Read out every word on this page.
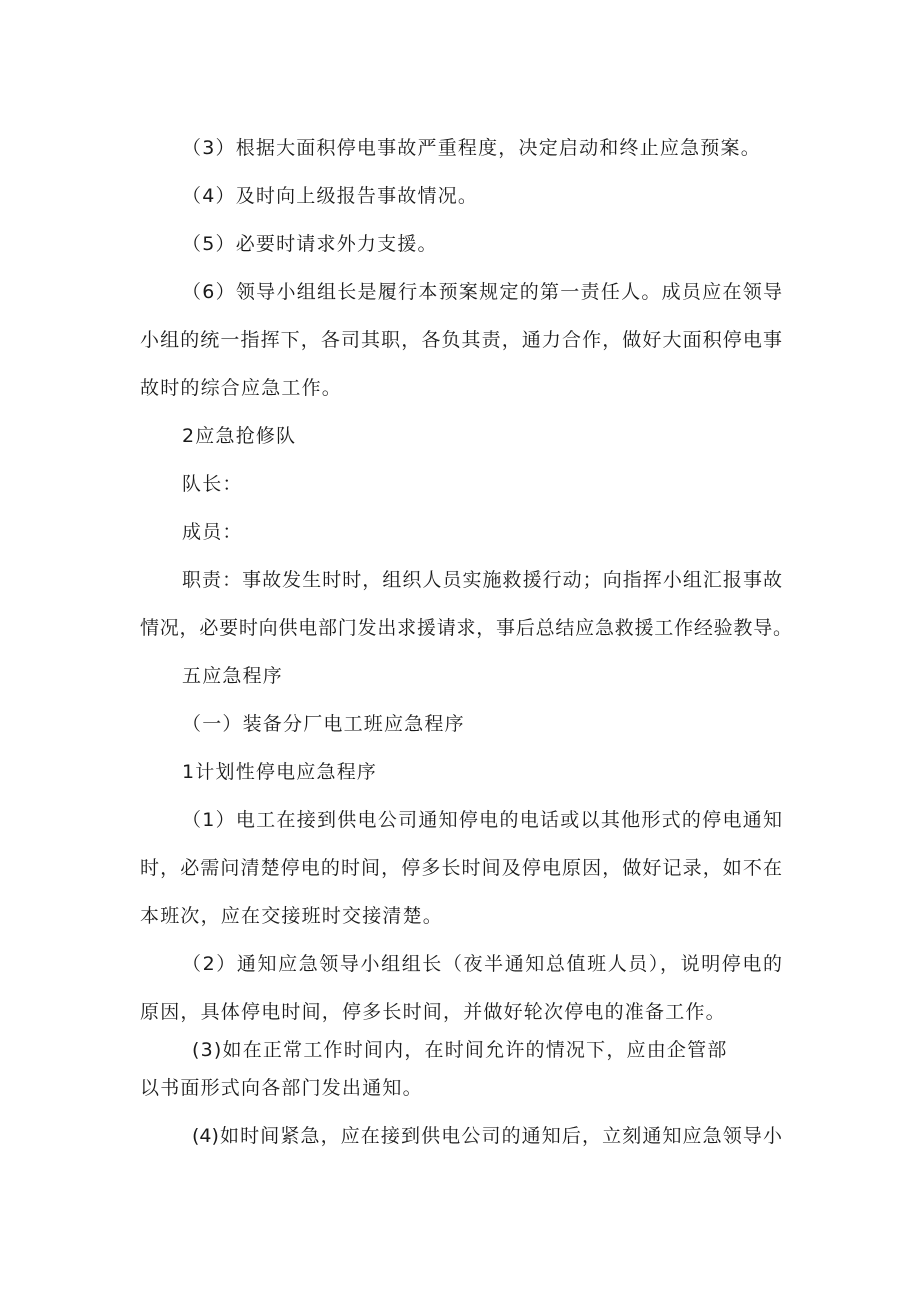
（3）根据大面积停电事故严重程度，决定启动和终止应急预案。

（4）及时向上级报告事故情况。

（5）必要时请求外力支援。

（6）领导小组组长是履行本预案规定的第一责任人。成员应在领导

小组的统一指挥下，各司其职，各负其责，通力合作，做好大面积停电事

故时的综合应急工作。

2应急抢修队

队长：

成员：

职责：事故发生时时，组织人员实施救援行动；向指挥小组汇报事故

情况，必要时向供电部门发出求援请求，事后总结应急救援工作经验教导。

五应急程序

（一）装备分厂电工班应急程序

1计划性停电应急程序

（1）电工在接到供电公司通知停电的电话或以其他形式的停电通知

时，必需问清楚停电的时间，停多长时间及停电原因，做好记录，如不在

本班次，应在交接班时交接清楚。

（2）通知应急领导小组组长（夜半通知总值班人员），说明停电的

原因，具体停电时间，停多长时间，并做好轮次停电的准备工作。

(3)如在正常工作时间内，在时间允许的情况下，应由企管部

以书面形式向各部门发出通知。

(4)如时间紧急，应在接到供电公司的通知后，立刻通知应急领导小
